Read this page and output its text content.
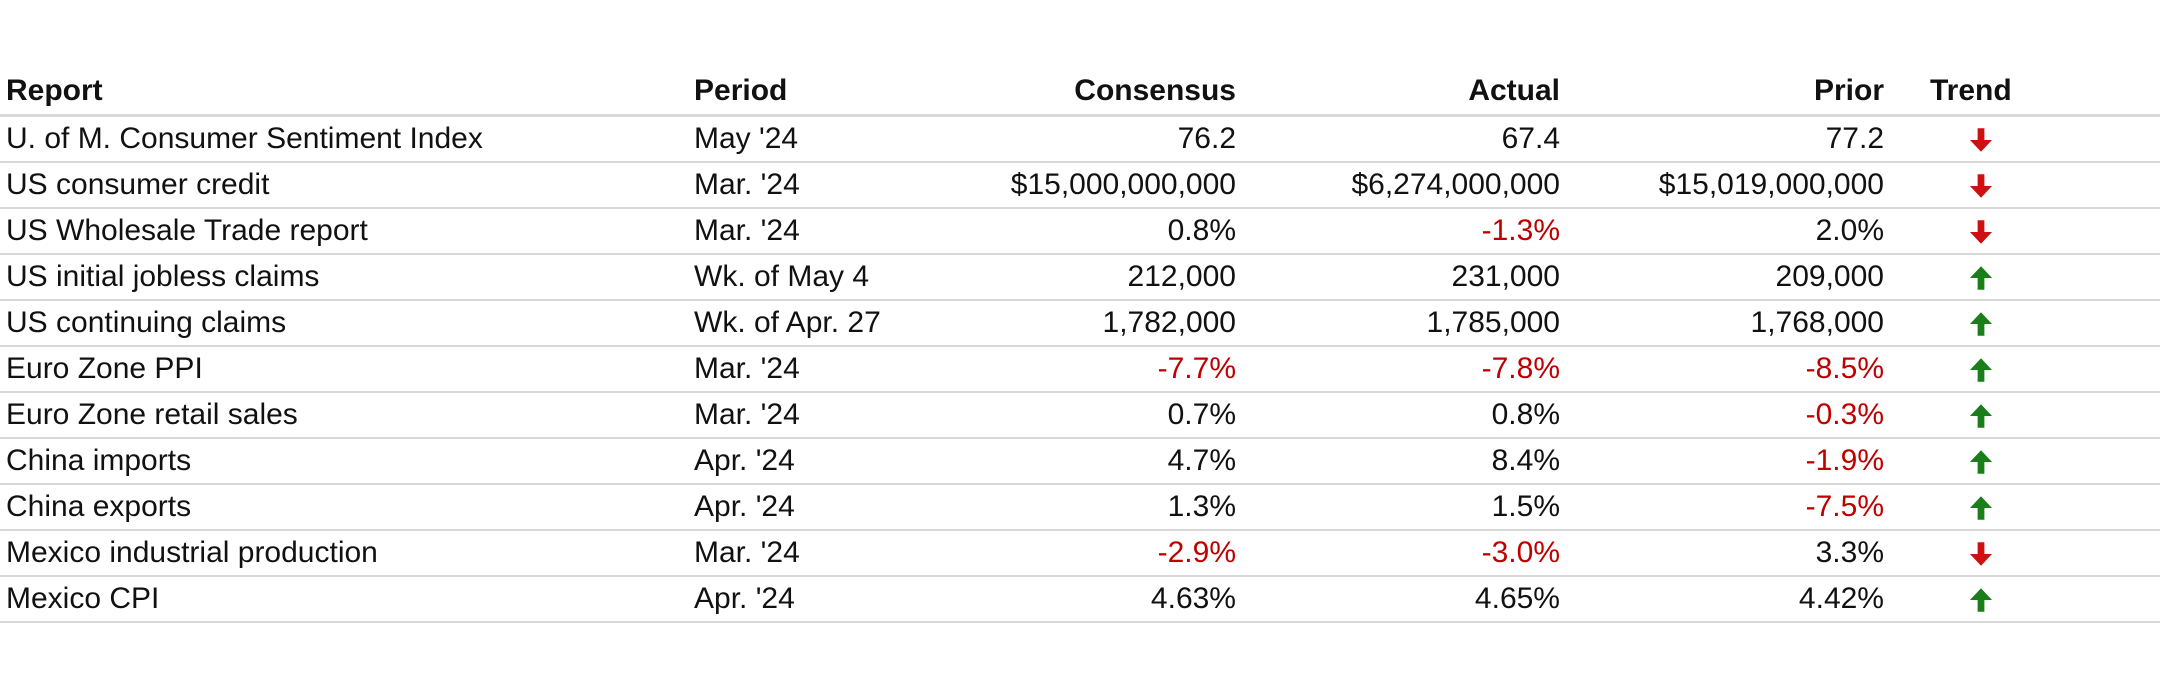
Report	Period	Consensus	Actual	Prior	Trend	
U. of M. Consumer Sentiment Index	May '24	76.2	67.4	77.2		
US consumer credit	Mar. '24	$15,000,000,000	$6,274,000,000	$15,019,000,000		
US Wholesale Trade report	Mar. '24	0.8%	-1.3%	2.0%		
US initial jobless claims	Wk. of May 4	212,000	231,000	209,000		
US continuing claims	Wk. of Apr. 27	1,782,000	1,785,000	1,768,000		
Euro Zone PPI	Mar. '24	-7.7%	-7.8%	-8.5%		
Euro Zone retail sales	Mar. '24	0.7%	0.8%	-0.3%		
China imports	Apr. '24	4.7%	8.4%	-1.9%		
China exports	Apr. '24	1.3%	1.5%	-7.5%		
Mexico industrial production	Mar. '24	-2.9%	-3.0%	3.3%		
Mexico CPI	Apr. '24	4.63%	4.65%	4.42%		
